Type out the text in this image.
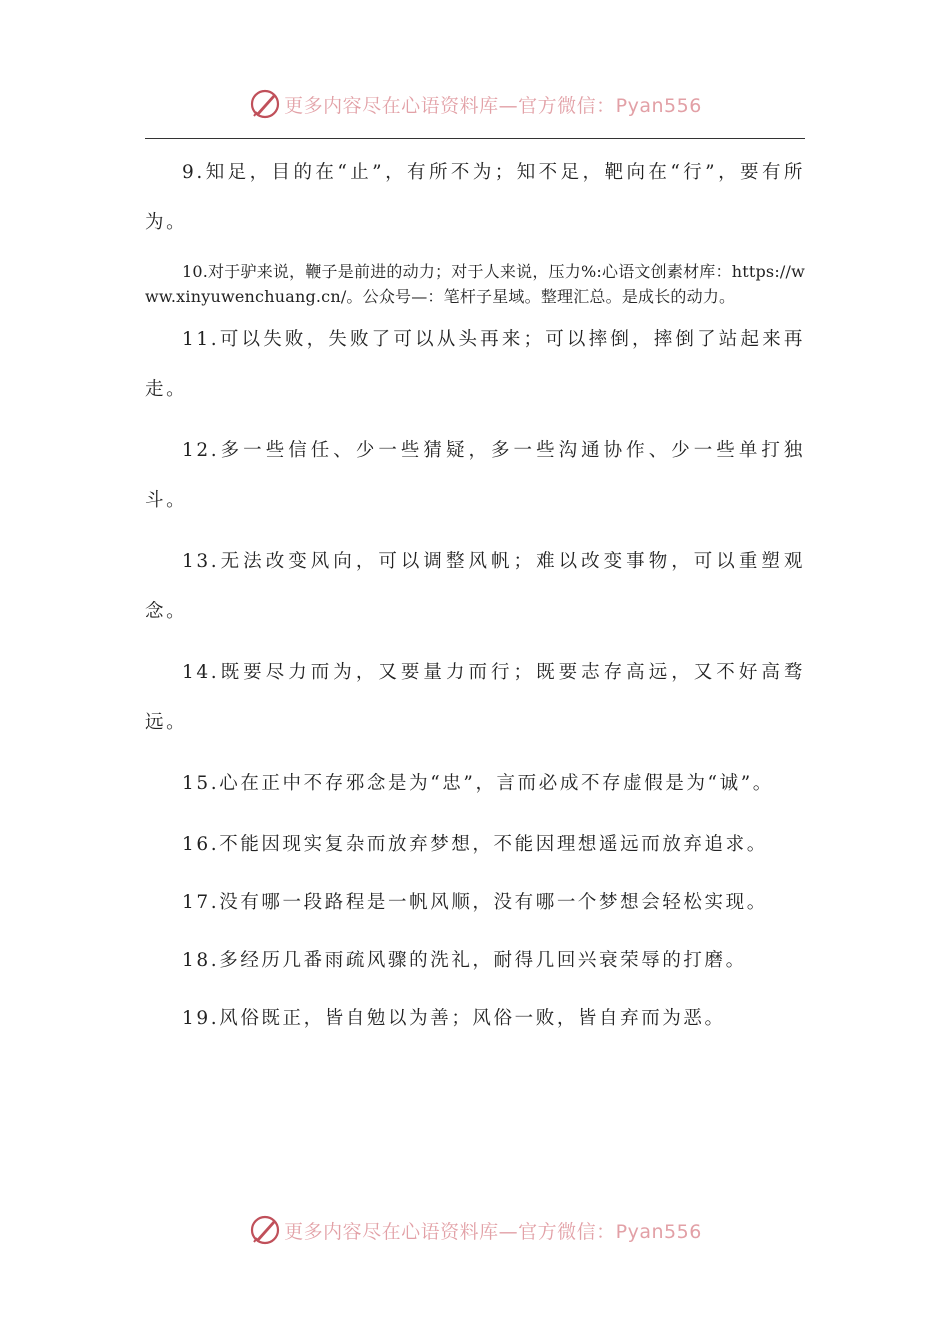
更多内容尽在心语资料库—官方微信：Pyan556

9.知足，目的在“止”，有所不为；知不足，靶向在“行”，要有所为。

10.对于驴来说，鞭子是前进的动力；对于人来说，压力%:心语文创素材库：https://www.xinyuwenchuang.cn/。公众号—：笔杆子星域。整理汇总。是成长的动力。

11.可以失败，失败了可以从头再来；可以摔倒，摔倒了站起来再走。

12.多一些信任、少一些猜疑，多一些沟通协作、少一些单打独斗。

13.无法改变风向，可以调整风帆；难以改变事物，可以重塑观念。

14.既要尽力而为，又要量力而行；既要志存高远，又不好高骛远。

15.心在正中不存邪念是为“忠”，言而必成不存虚假是为“诚”。

16.不能因现实复杂而放弃梦想，不能因理想遥远而放弃追求。

17.没有哪一段路程是一帆风顺，没有哪一个梦想会轻松实现。

18.多经历几番雨疏风骤的洗礼，耐得几回兴衰荣辱的打磨。

19.风俗既正，皆自勉以为善；风俗一败，皆自弃而为恶。

更多内容尽在心语资料库—官方微信：Pyan556
